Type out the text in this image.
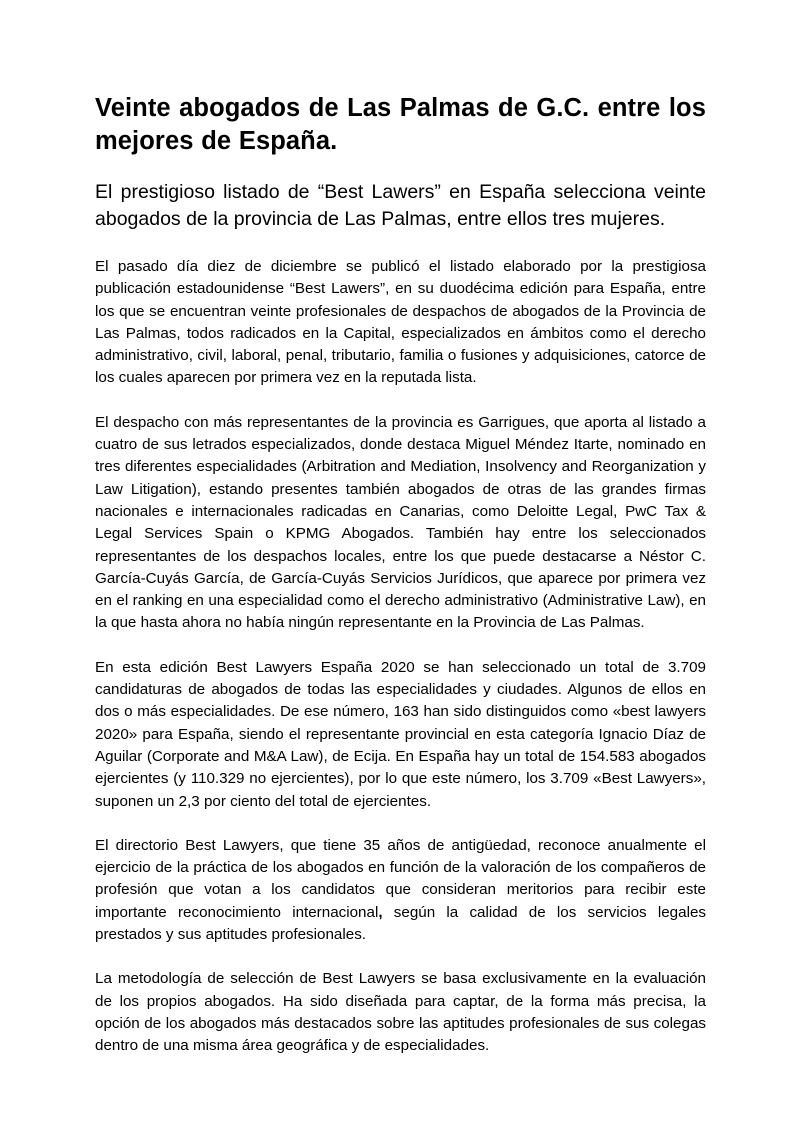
Veinte abogados de Las Palmas de G.C. entre los mejores de España.

El prestigioso listado de “Best Lawers” en España selecciona veinte abogados de la provincia de Las Palmas, entre ellos tres mujeres.

El pasado día diez de diciembre se publicó el listado elaborado por la prestigiosa publicación estadounidense “Best Lawers”, en su duodécima edición para España, entre los que se encuentran veinte profesionales de despachos de abogados de la Provincia de Las Palmas, todos radicados en la Capital, especializados en ámbitos como el derecho administrativo, civil, laboral, penal, tributario, familia o fusiones y adquisiciones, catorce de los cuales aparecen por primera vez en la reputada lista.

El despacho con más representantes de la provincia es Garrigues, que aporta al listado a cuatro de sus letrados especializados, donde destaca Miguel Méndez Itarte, nominado en tres diferentes especialidades (Arbitration and Mediation, Insolvency and Reorganization y Law Litigation), estando presentes también abogados de otras de las grandes firmas nacionales e internacionales radicadas en Canarias, como Deloitte Legal, PwC Tax & Legal Services Spain o KPMG Abogados. También hay entre los seleccionados representantes de los despachos locales, entre los que puede destacarse a Néstor C. García-Cuyás García, de García-Cuyás Servicios Jurídicos, que aparece por primera vez en el ranking en una especialidad como el derecho administrativo (Administrative Law), en la que hasta ahora no había ningún representante en la Provincia de Las Palmas.

En esta edición Best Lawyers España 2020 se han seleccionado un total de 3.709 candidaturas de abogados de todas las especialidades y ciudades. Algunos de ellos en dos o más especialidades. De ese número, 163 han sido distinguidos como «best lawyers 2020» para España, siendo el representante provincial en esta categoría Ignacio Díaz de Aguilar (Corporate and M&A Law), de Ecija. En España hay un total de 154.583 abogados ejercientes (y 110.329 no ejercientes), por lo que este número, los 3.709 «Best Lawyers», suponen un 2,3 por ciento del total de ejercientes.

El directorio Best Lawyers, que tiene 35 años de antigüedad, reconoce anualmente el ejercicio de la práctica de los abogados en función de la valoración de los compañeros de profesión que votan a los candidatos que consideran meritorios para recibir este importante reconocimiento internacional, según la calidad de los servicios legales prestados y sus aptitudes profesionales.

La metodología de selección de Best Lawyers se basa exclusivamente en la evaluación de los propios abogados. Ha sido diseñada para captar, de la forma más precisa, la opción de los abogados más destacados sobre las aptitudes profesionales de sus colegas dentro de una misma área geográfica y de especialidades.
